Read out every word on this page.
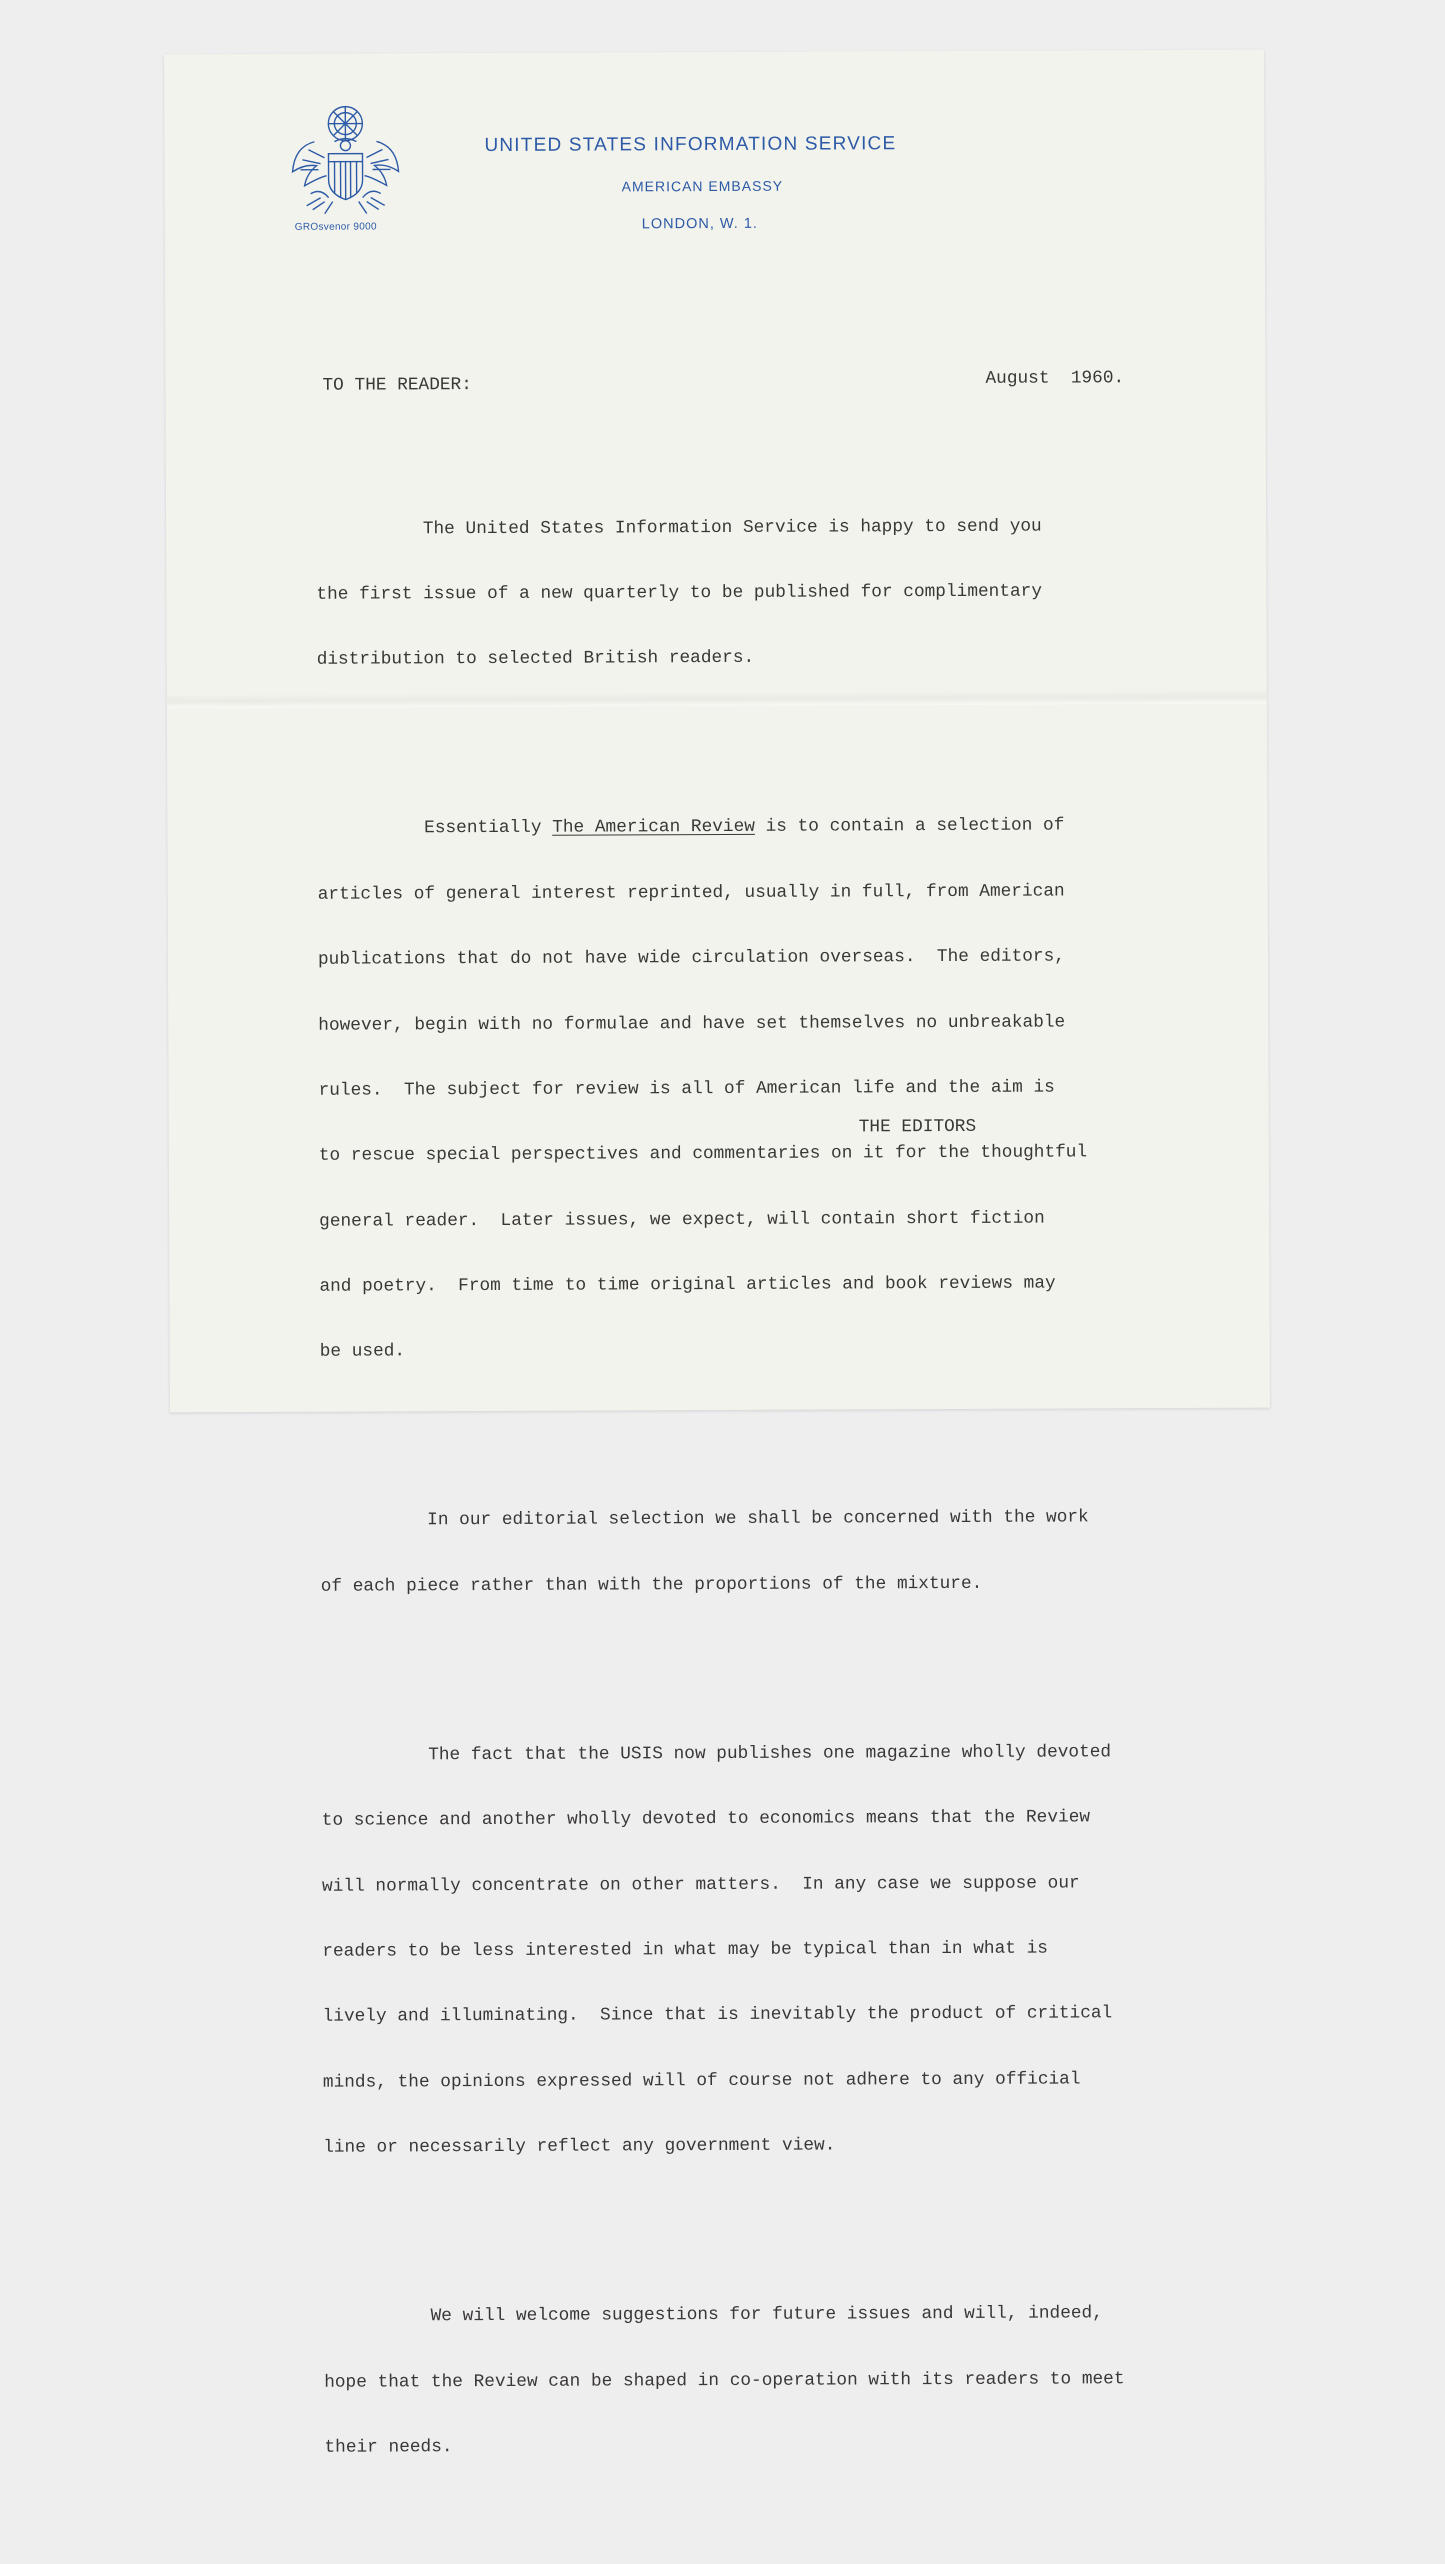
GROsvenor 9000
UNITED STATES INFORMATION SERVICE
AMERICAN EMBASSY
LONDON, W. 1.
TO THE READER:	August  1960.

The United States Information Service is happy to send you

the first issue of a new quarterly to be published for complimentary

distribution to selected British readers.

Essentially The American Review is to contain a selection of

articles of general interest reprinted, usually in full, from American

publications that do not have wide circulation overseas.  The editors,

however, begin with no formulae and have set themselves no unbreakable

rules.  The subject for review is all of American life and the aim is

to rescue special perspectives and commentaries on it for the thoughtful

general reader.  Later issues, we expect, will contain short fiction

and poetry.  From time to time original articles and book reviews may

be used.

In our editorial selection we shall be concerned with the work

of each piece rather than with the proportions of the mixture.

The fact that the USIS now publishes one magazine wholly devoted

to science and another wholly devoted to economics means that the Review

will normally concentrate on other matters.  In any case we suppose our

readers to be less interested in what may be typical than in what is

lively and illuminating.  Since that is inevitably the product of critical

minds, the opinions expressed will of course not adhere to any official

line or necessarily reflect any government view.

We will welcome suggestions for future issues and will, indeed,

hope that the Review can be shaped in co-operation with its readers to meet

their needs.

THE EDITORS
